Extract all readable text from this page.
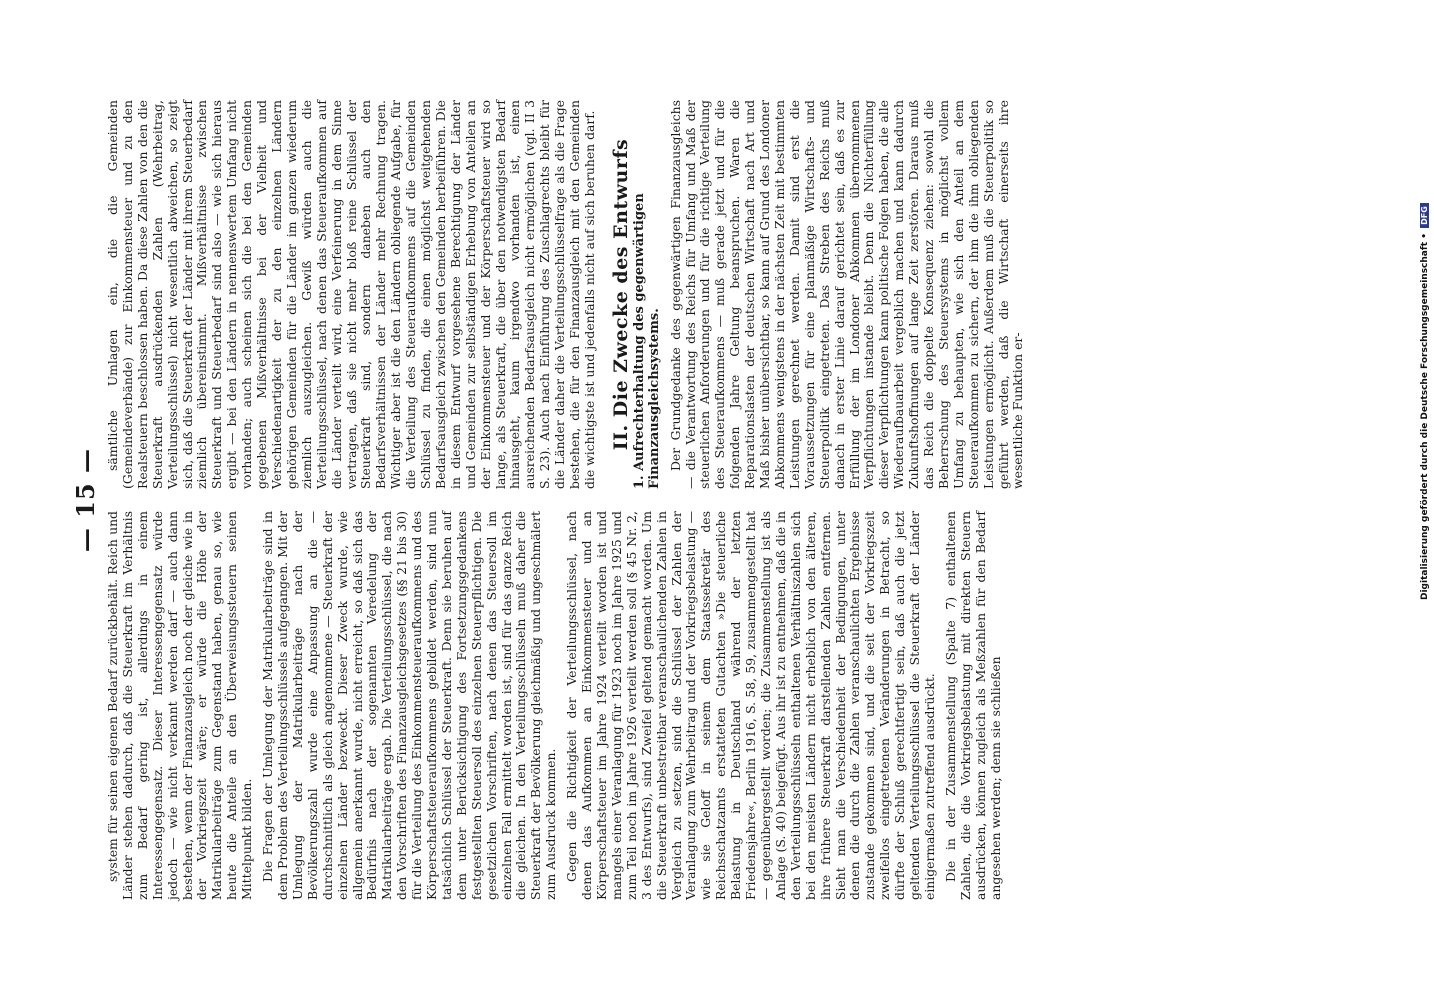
— 15 —

system für seinen eigenen Bedarf zurückbehält. Reich und Länder stehen dadurch, daß die Steuerkraft im Verhältnis zum Bedarf gering ist, allerdings in einem Interessengegensatz. Dieser Interessengegensatz würde jedoch — wie nicht verkannt werden darf — auch dann bestehen, wenn der Finanzausgleich noch der gleiche wie in der Vorkriegszeit wäre; er würde die Höhe der Matrikularbeiträge zum Gegenstand haben, genau so, wie heute die Anteile an den Überweisungssteuern seinen Mittelpunkt bilden. Die Fragen der Umlegung der Matrikularbeiträge sind in dem Problem des Verteilungsschlüssels aufgegangen. Mit der Umlegung der Matrikularbeiträge nach der Bevölkerungszahl wurde eine Anpassung an die — durchschnittlich als gleich angenommene — Steuerkraft der einzelnen Länder bezweckt. Dieser Zweck wurde, wie allgemein anerkannt wurde, nicht erreicht, so daß sich das Bedürfnis nach der sogenannten Veredelung der Matrikularbeiträge ergab. Die Verteilungsschlüssel, die nach den Vorschriften des Finanzausgleichsgesetzes (§§ 21 bis 30) für die Verteilung des Einkommensteueraufkommens und des Körperschaftsteueraufkommens gebildet werden, sind nun tatsächlich Schlüssel der Steuerkraft. Denn sie beruhen auf dem unter Berücksichtigung des Fortsetzungsgedankens festgestellten Steuersoll des einzelnen Steuerpflichtigen. Die gesetzlichen Vorschriften, nach denen das Steuersoll im einzelnen Fall ermittelt worden ist, sind für das ganze Reich die gleichen. In den Verteilungsschlüsseln muß daher die Steuerkraft der Bevölkerung gleichmäßig und ungeschmälert zum Ausdruck kommen. Gegen die Richtigkeit der Verteilungsschlüssel, nach denen das Aufkommen an Einkommensteuer und an Körperschaftsteuer im Jahre 1924 verteilt worden ist und mangels einer Veranlagung für 1923 noch im Jahre 1925 und zum Teil noch im Jahre 1926 verteilt werden soll (§ 45 Nr. 2, 3 des Entwurfs), sind Zweifel geltend gemacht worden. Um die Steuerkraft unbestreitbar veranschaulichenden Zahlen in Vergleich zu setzen, sind die Schlüssel der Zahlen der Veranlagung zum Wehrbeitrag und der Vorkriegsbelastung — wie sie Geloff in seinem dem Staatssekretär des Reichsschatzamts erstatteten Gutachten »Die steuerliche Belastung in Deutschland während der letzten Friedensjahre«, Berlin 1916, S. 58, 59, zusammengestellt hat — gegenübergestellt worden; die Zusammenstellung ist als Anlage (S. 40) beigefügt. Aus ihr ist zu entnehmen, daß die in den Verteilungsschlüsseln enthaltenen Verhältniszahlen sich bei den meisten Ländern nicht erheblich von den älteren, ihre frühere Steuerkraft darstellenden Zahlen entfernen. Sieht man die Verschiedenheit der Bedingungen, unter denen die durch die Zahlen veranschaulichten Ergebnisse zustande gekommen sind, und die seit der Vorkriegszeit zweifellos eingetretenen Veränderungen in Betracht, so dürfte der Schluß gerechtfertigt sein, daß auch die jetzt geltenden Verteilungsschlüssel die Steuerkraft der Länder einigermaßen zutreffend ausdrückt. Die in der Zusammenstellung (Spalte 7) enthaltenen Zahlen, die die Vorkriegsbelastung mit direkten Steuern ausdrücken, können zugleich als Meßzahlen für den Bedarf angesehen werden; denn sie schließen

sämtliche Umlagen ein, die die Gemeinden (Gemeindeverbände) zur Einkommensteuer und zu den Realsteuern beschlossen haben. Da diese Zahlen von den die Steuerkraft ausdrückenden Zahlen (Wehrbeitrag, Verteilungsschlüssel) nicht wesentlich abweichen, so zeigt sich, daß die Steuerkraft der Länder mit ihrem Steuerbedarf ziemlich übereinstimmt. Mißverhältnisse zwischen Steuerkraft und Steuerbedarf sind also — wie sich hieraus ergibt — bei den Ländern in nennenswertem Umfang nicht vorhanden; auch scheinen sich die bei den Gemeinden gegebenen Mißverhältnisse bei der Vielheit und Verschiedenartigkeit der zu den einzelnen Ländern gehörigen Gemeinden für die Länder im ganzen wiederum ziemlich auszugleichen. Gewiß würden auch die Verteilungsschlüssel, nach denen das Steueraufkommen auf die Länder verteilt wird, eine Verfeinerung in dem Sinne vertragen, daß sie nicht mehr bloß reine Schlüssel der Steuerkraft sind, sondern daneben auch den Bedarfsverhältnissen der Länder mehr Rechnung tragen. Wichtiger aber ist die den Ländern obliegende Aufgabe, für die Verteilung des Steueraufkommens auf die Gemeinden Schlüssel zu finden, die einen möglichst weitgehenden Bedarfsausgleich zwischen den Gemeinden herbeiführen. Die in diesem Entwurf vorgesehene Berechtigung der Länder und Gemeinden zur selbständigen Erhebung von Anteilen an der Einkommensteuer und der Körperschaftsteuer wird so lange, als Steuerkraft, die über den notwendigsten Bedarf hinausgeht, kaum irgendwo vorhanden ist, einen ausreichenden Bedarfsausgleich nicht ermöglichen (vgl. II 3 S. 23). Auch nach Einführung des Zuschlagrechts bleibt für die Länder daher die Verteilungsschlüsselfrage als die Frage bestehen, die für den Finanzausgleich mit den Gemeinden die wichtigste ist und jedenfalls nicht auf sich beruhen darf. II. Die Zwecke des Entwurfs 1. Aufrechterhaltung des gegenwärtigen Finanzausgleichsystems. Der Grundgedanke des gegenwärtigen Finanzausgleichs — die Verantwortung des Reichs für Umfang und Maß der steuerlichen Anforderungen und für die richtige Verteilung des Steueraufkommens — muß gerade jetzt und für die folgenden Jahre Geltung beanspruchen. Waren die Reparationslasten der deutschen Wirtschaft nach Art und Maß bisher unübersichtbar, so kann auf Grund des Londoner Abkommens wenigstens in der nächsten Zeit mit bestimmten Leistungen gerechnet werden. Damit sind erst die Voraussetzungen für eine planmäßige Wirtschafts- und Steuerpolitik eingetreten. Das Streben des Reichs muß danach in erster Linie darauf gerichtet sein, daß es zur Erfüllung der im Londoner Abkommen übernommenen Verpflichtungen instande bleibt. Denn die Nichterfüllung dieser Verpflichtungen kann politische Folgen haben, die alle Wiederaufbauarbeit vergeblich machen und kann dadurch Zukunftshoffnungen auf lange Zeit zerstören. Daraus muß das Reich die doppelte Konsequenz ziehen: sowohl die Beherrschung des Steuersystems in möglichst vollem Umfang zu behaupten, wie sich den Anteil an dem Steueraufkommen zu sichern, der ihm die ihm obliegenden Leistungen ermöglicht. Außerdem muß die Steuerpolitik so geführt werden, daß die Wirtschaft einerseits ihre wesentliche Funktion er-	Digitalisierung gefördert durch die Deutsche Forschungsgemeinschaft • DFG
